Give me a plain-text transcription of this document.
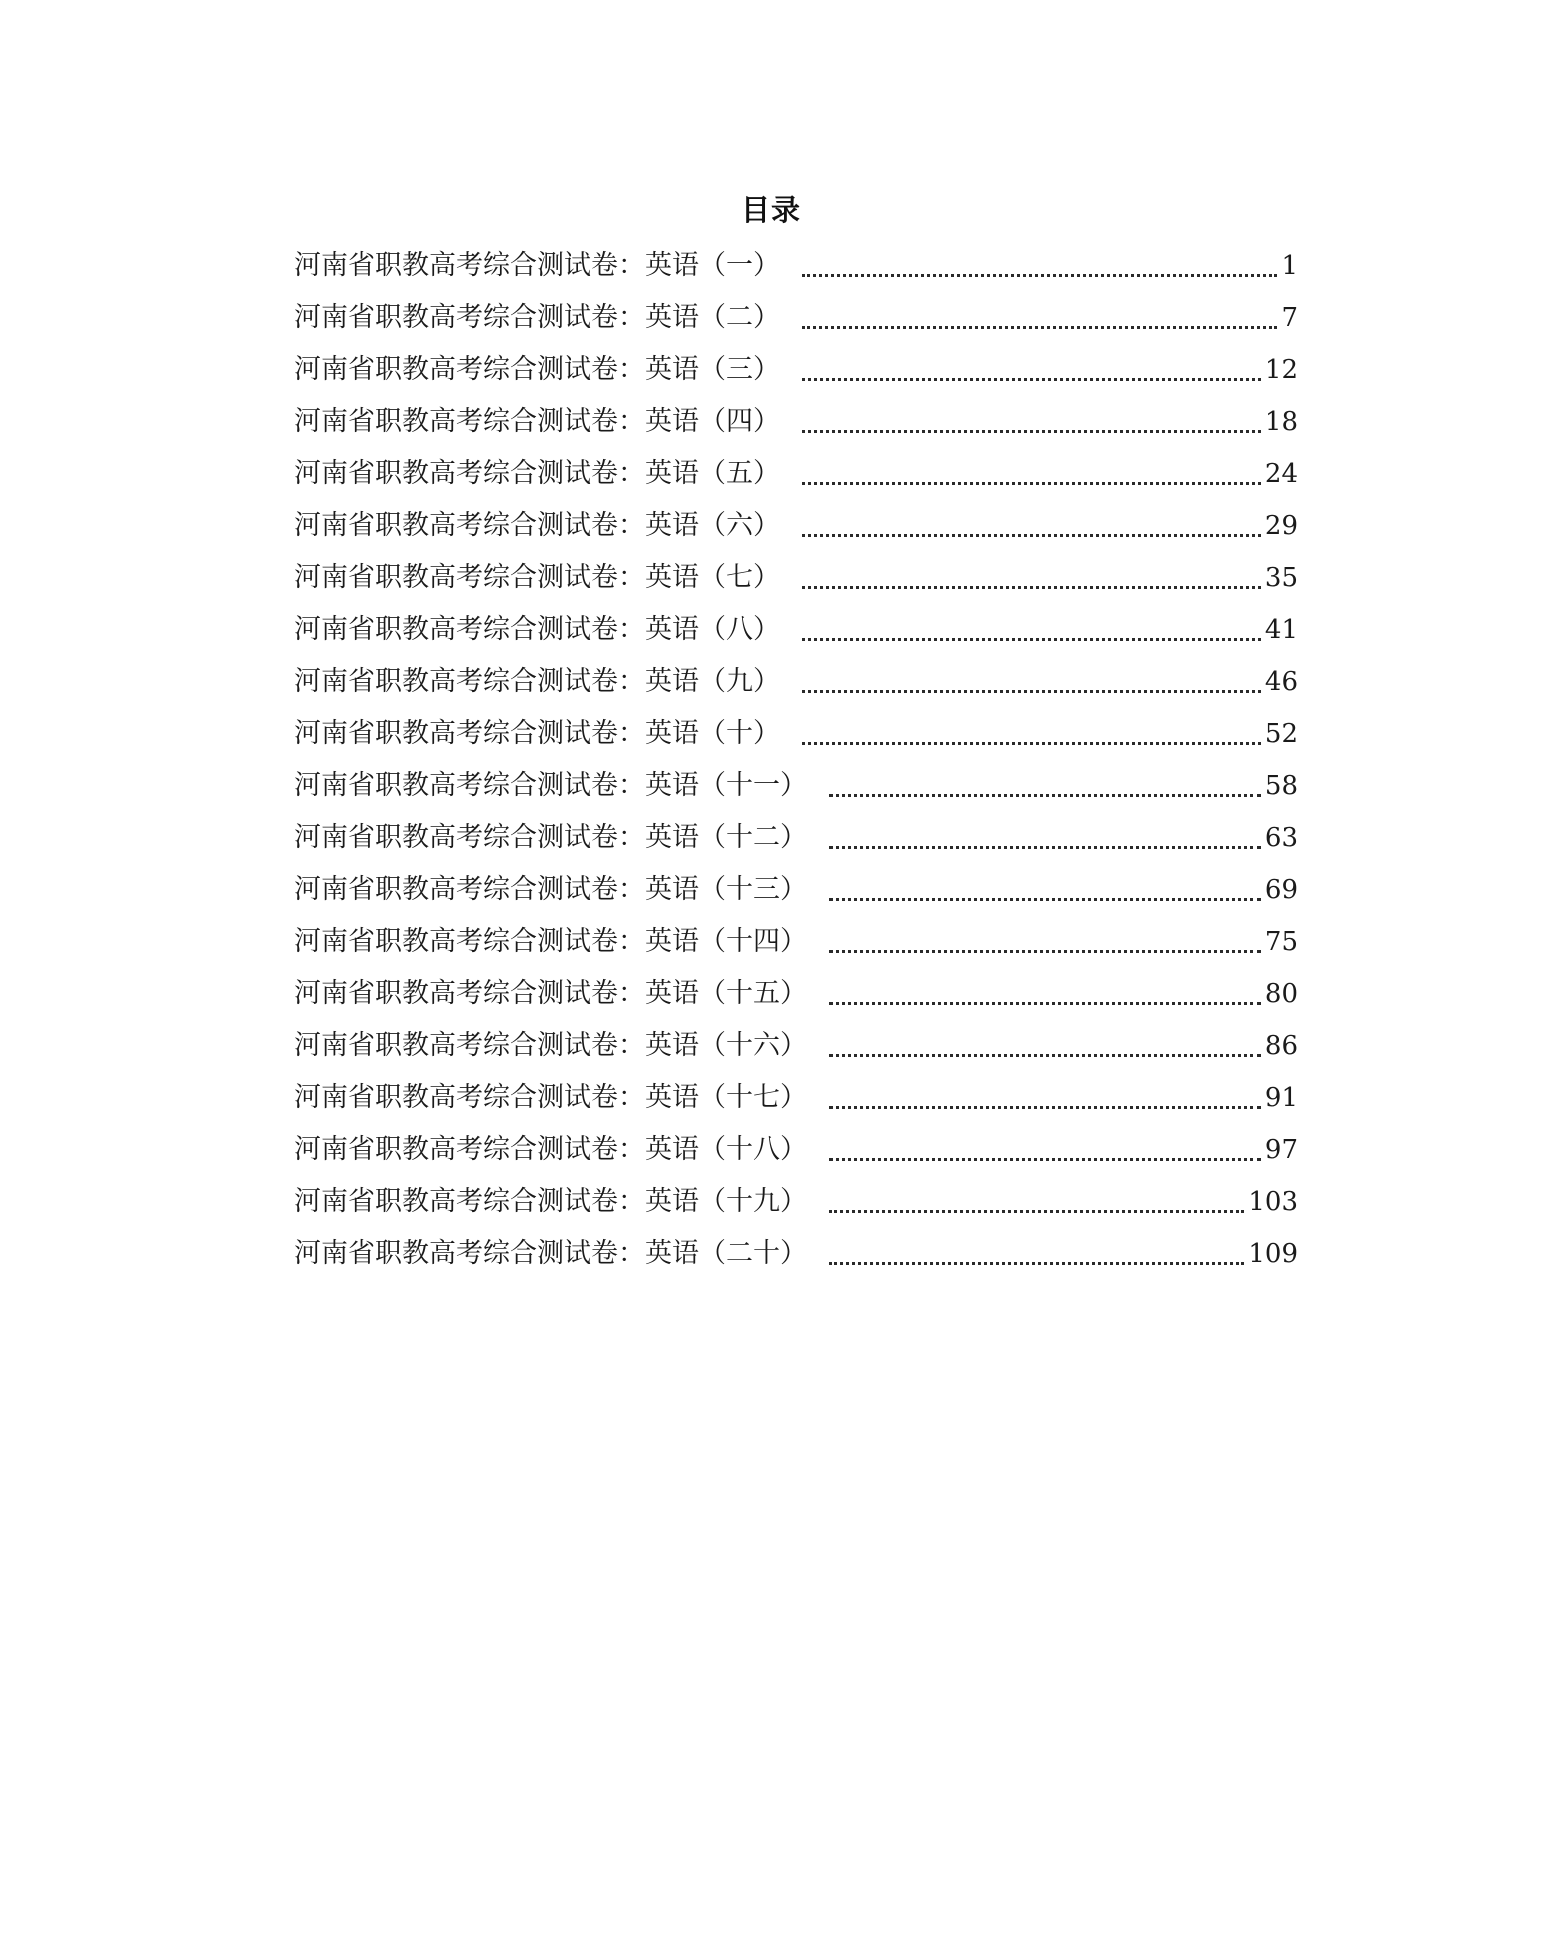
目录
河南省职教高考综合测试卷：英语（一）	1
河南省职教高考综合测试卷：英语（二）	7
河南省职教高考综合测试卷：英语（三）	12
河南省职教高考综合测试卷：英语（四）	18
河南省职教高考综合测试卷：英语（五）	24
河南省职教高考综合测试卷：英语（六）	29
河南省职教高考综合测试卷：英语（七）	35
河南省职教高考综合测试卷：英语（八）	41
河南省职教高考综合测试卷：英语（九）	46
河南省职教高考综合测试卷：英语（十）	52
河南省职教高考综合测试卷：英语（十一）	58
河南省职教高考综合测试卷：英语（十二）	63
河南省职教高考综合测试卷：英语（十三）	69
河南省职教高考综合测试卷：英语（十四）	75
河南省职教高考综合测试卷：英语（十五）	80
河南省职教高考综合测试卷：英语（十六）	86
河南省职教高考综合测试卷：英语（十七）	91
河南省职教高考综合测试卷：英语（十八）	97
河南省职教高考综合测试卷：英语（十九）	103
河南省职教高考综合测试卷：英语（二十）	109
